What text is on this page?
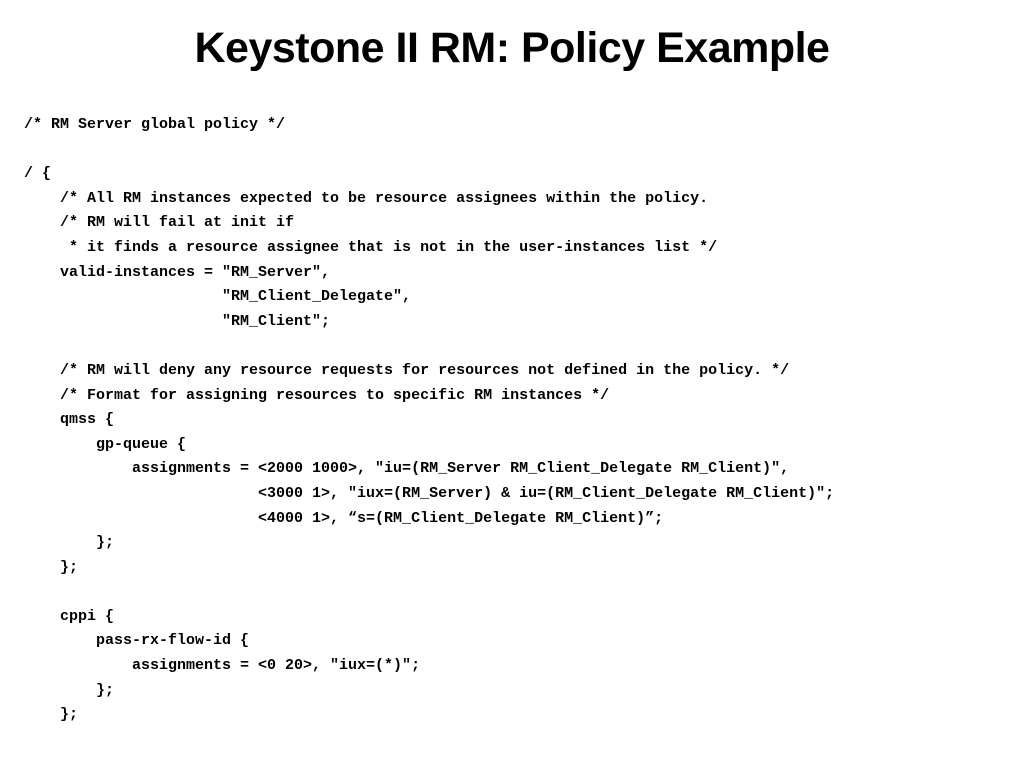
Keystone II RM: Policy Example
/* RM Server global policy */
/ {
/* All RM instances expected to be resource assignees within the policy.
/* RM will fail at init if
* it finds a resource assignee that is not in the user-instances list */
valid-instances = "RM_Server",
"RM_Client_Delegate",
"RM_Client";
/* RM will deny any resource requests for resources not defined in the policy. */
/* Format for assigning resources to specific RM instances */
qmss {
gp-queue {
assignments = <2000 1000>, "iu=(RM_Server RM_Client_Delegate RM_Client)",
<3000 1>, "iux=(RM_Server) & iu=(RM_Client_Delegate RM_Client)";
<4000 1>, “s=(RM_Client_Delegate RM_Client)”;
};
};
cppi {
pass-rx-flow-id {
assignments = <0 20>, "iux=(*)";
};
};
